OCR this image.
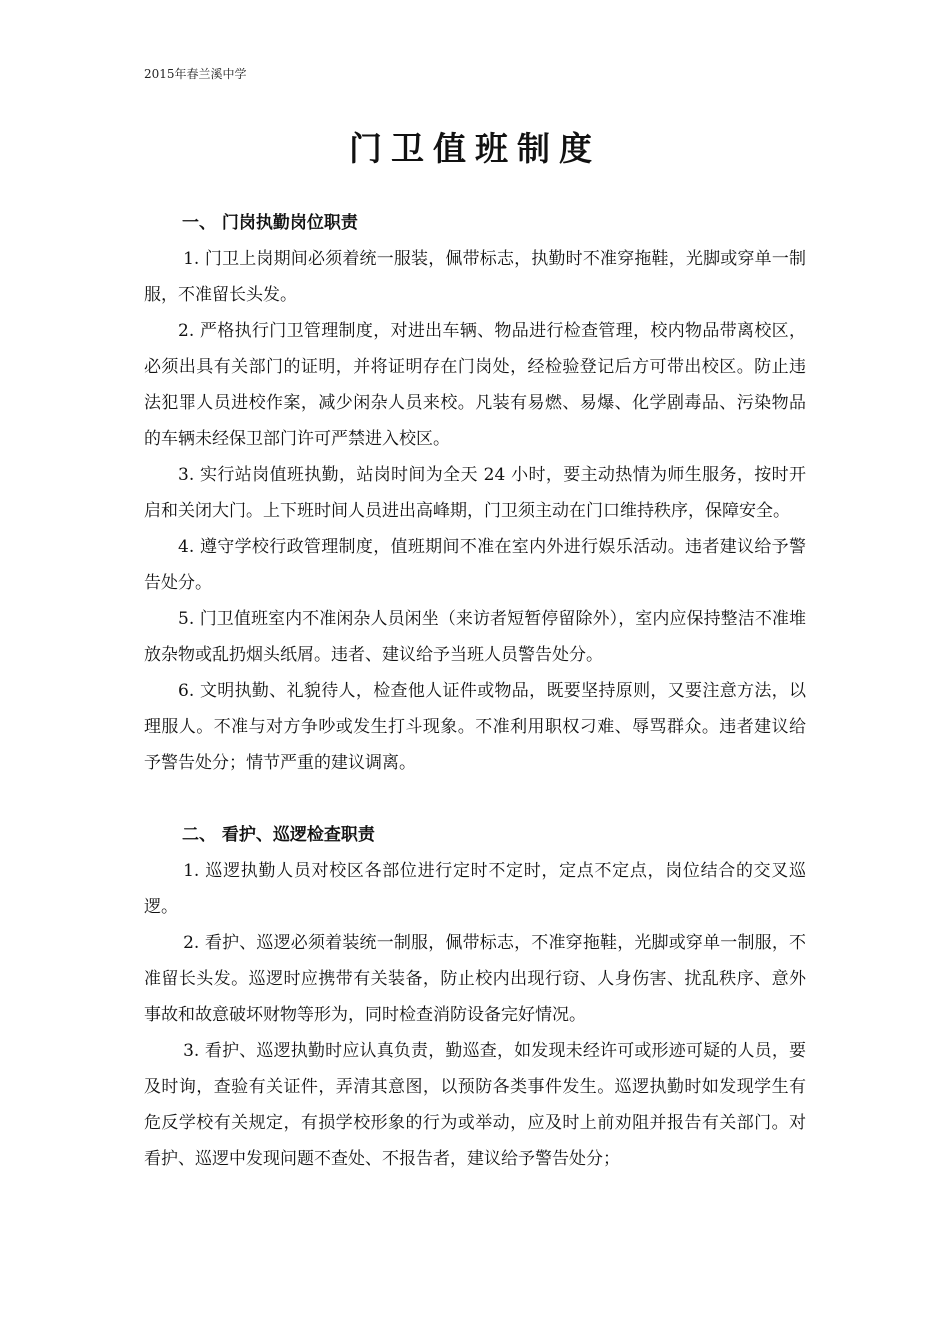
2015年春兰溪中学
门卫值班制度

一、 门岗执勤岗位职责

1. 门卫上岗期间必须着统一服装，佩带标志，执勤时不准穿拖鞋，光脚或穿单一制服，不准留长头发。

2. 严格执行门卫管理制度，对进出车辆、物品进行检查管理，校内物品带离校区，必须出具有关部门的证明，并将证明存在门岗处，经检验登记后方可带出校区。防止违法犯罪人员进校作案，减少闲杂人员来校。凡装有易燃、易爆、化学剧毒品、污染物品的车辆未经保卫部门许可严禁进入校区。

3. 实行站岗值班执勤，站岗时间为全天 24 小时，要主动热情为师生服务，按时开启和关闭大门。上下班时间人员进出高峰期，门卫须主动在门口维持秩序，保障安全。

4. 遵守学校行政管理制度，值班期间不准在室内外进行娱乐活动。违者建议给予警告处分。

5. 门卫值班室内不准闲杂人员闲坐（来访者短暂停留除外），室内应保持整洁不准堆放杂物或乱扔烟头纸屑。违者、建议给予当班人员警告处分。

6. 文明执勤、礼貌待人，检查他人证件或物品，既要坚持原则，又要注意方法，以理服人。不准与对方争吵或发生打斗现象。不准利用职权刁难、辱骂群众。违者建议给予警告处分；情节严重的建议调离。

二、 看护、巡逻检查职责

1. 巡逻执勤人员对校区各部位进行定时不定时，定点不定点，岗位结合的交叉巡逻。

2. 看护、巡逻必须着装统一制服，佩带标志，不准穿拖鞋，光脚或穿单一制服，不准留长头发。巡逻时应携带有关装备，防止校内出现行窃、人身伤害、扰乱秩序、意外事故和故意破坏财物等形为，同时检查消防设备完好情况。

3. 看护、巡逻执勤时应认真负责，勤巡查，如发现未经许可或形迹可疑的人员，要及时询，查验有关证件，弄清其意图，以预防各类事件发生。巡逻执勤时如发现学生有危反学校有关规定，有损学校形象的行为或举动，应及时上前劝阻并报告有关部门。对看护、巡逻中发现问题不查处、不报告者，建议给予警告处分；
